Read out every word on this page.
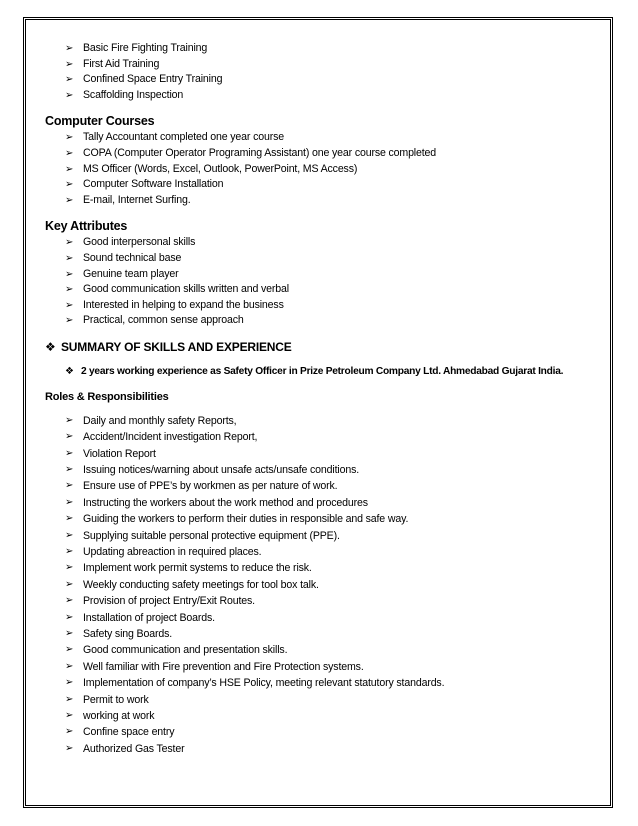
➢ Basic Fire Fighting Training
➢ First Aid Training
➢ Confined Space Entry Training
➢ Scaffolding Inspection
Computer Courses
➢ Tally Accountant completed one year course
➢ COPA (Computer Operator Programing Assistant) one year course completed
➢ MS Officer (Words, Excel, Outlook, PowerPoint, MS Access)
➢ Computer Software Installation
➢ E-mail, Internet Surfing.
Key Attributes
➢ Good interpersonal skills
➢ Sound technical base
➢ Genuine team player
➢ Good communication skills written and verbal
➢ Interested in helping to expand the business
➢ Practical, common sense approach
❖ SUMMARY OF SKILLS AND EXPERIENCE
❖ 2 years working experience as Safety Officer in Prize Petroleum Company Ltd. Ahmedabad Gujarat India.
Roles & Responsibilities
➢ Daily and monthly safety Reports,
➢ Accident/Incident investigation Report,
➢ Violation Report
➢ Issuing notices/warning about unsafe acts/unsafe conditions.
➢ Ensure use of PPE’s by workmen as per nature of work.
➢ Instructing the workers about the work method and procedures
➢ Guiding the workers to perform their duties in responsible and safe way.
➢ Supplying suitable personal protective equipment (PPE).
➢ Updating abreaction in required places.
➢ Implement work permit systems to reduce the risk.
➢ Weekly conducting safety meetings for tool box talk.
➢ Provision of project Entry/Exit Routes.
➢ Installation of project Boards.
➢ Safety sing Boards.
➢ Good communication and presentation skills.
➢ Well familiar with Fire prevention and Fire Protection systems.
➢ Implementation of company’s HSE Policy, meeting relevant statutory standards.
➢ Permit to work
➢ working at work
➢ Confine space entry
➢ Authorized Gas Tester
